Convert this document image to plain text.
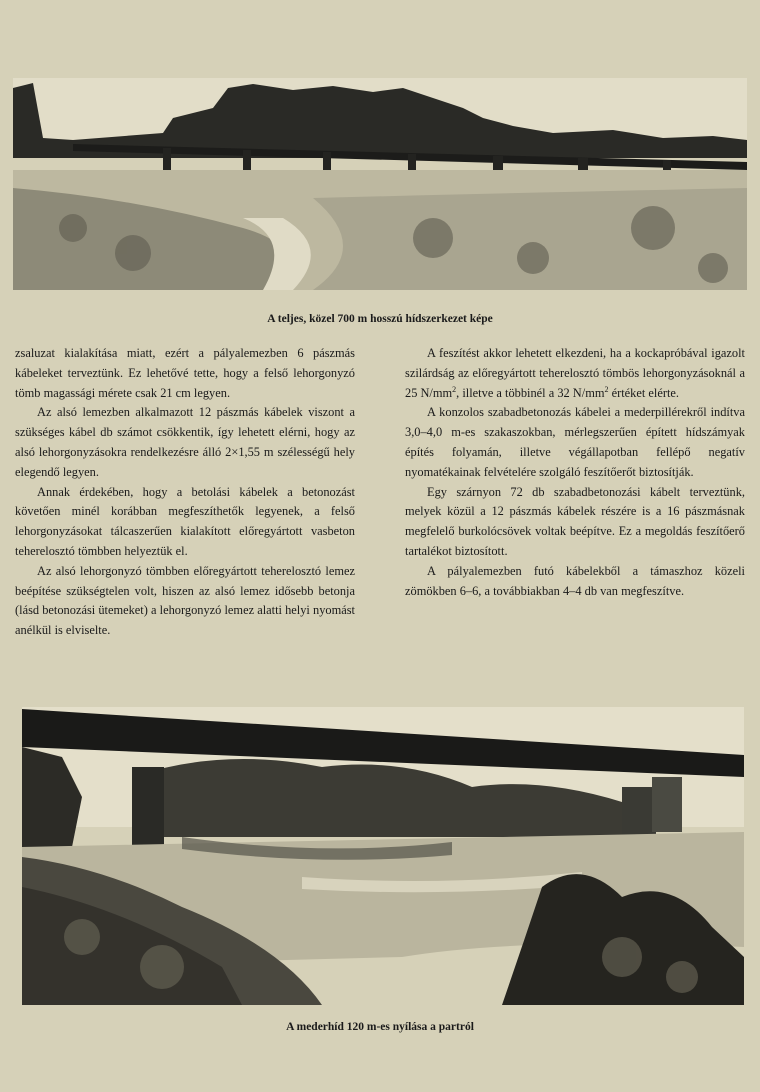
A teljes, közel 700 m hosszú hídszerkezet képe

zsaluzat kialakítása miatt, ezért a pályalemezben 6 pászmás kábeleket terveztünk. Ez lehetővé tette, hogy a felső lehorgonyzó tömb magassági mérete csak 21 cm legyen.

Az alsó lemezben alkalmazott 12 pászmás kábelek viszont a szükséges kábel db számot csökkentik, így lehetett elérni, hogy az alsó lehorgonyzásokra rendelkezésre álló 2×1,55 m szélességű hely elegendő legyen.

Annak érdekében, hogy a betolási kábelek a betonozást követően minél korábban megfeszíthetők legyenek, a felső lehorgonyzásokat tálcaszerűen kialakított előregyártott vasbeton teherelosztó tömbben helyeztük el.

Az alsó lehorgonyzó tömbben előregyártott teherelosztó lemez beépítése szükségtelen volt, hiszen az alsó lemez idősebb betonja (lásd betonozási ütemeket) a lehorgonyzó lemez alatti helyi nyomást anélkül is elviselte.

A feszítést akkor lehetett elkezdeni, ha a kockapróbával igazolt szilárdság az előregyártott teherelosztó tömbös lehorgonyzásoknál a 25 $N/mm^2$, illetve a többinél a 32 $N/mm^2$ értéket elérte.

A konzolos szabadbetonozás kábelei a mederpillérekről indítva 3,0–4,0 m-es szakaszokban, mérlegszerűen épített hídszámyak építés folyamán, illetve végállapotban fellépő negatív nyomatékainak felvételére szolgáló feszítőerőt biztosítják.

Egy szárnyon 72 db szabadbetonozási kábelt terveztünk, melyek közül a 12 pászmás kábelek részére is a 16 pászmásnak megfelelő burkolócsövek voltak beépítve. Ez a megoldás feszítőerő tartalékot biztosított.

A pályalemezben futó kábelekből a támaszhoz közeli zömökben 6–6, a továbbiakban 4–4 db van megfeszítve.

A mederhíd 120 m-es nyílása a partról
